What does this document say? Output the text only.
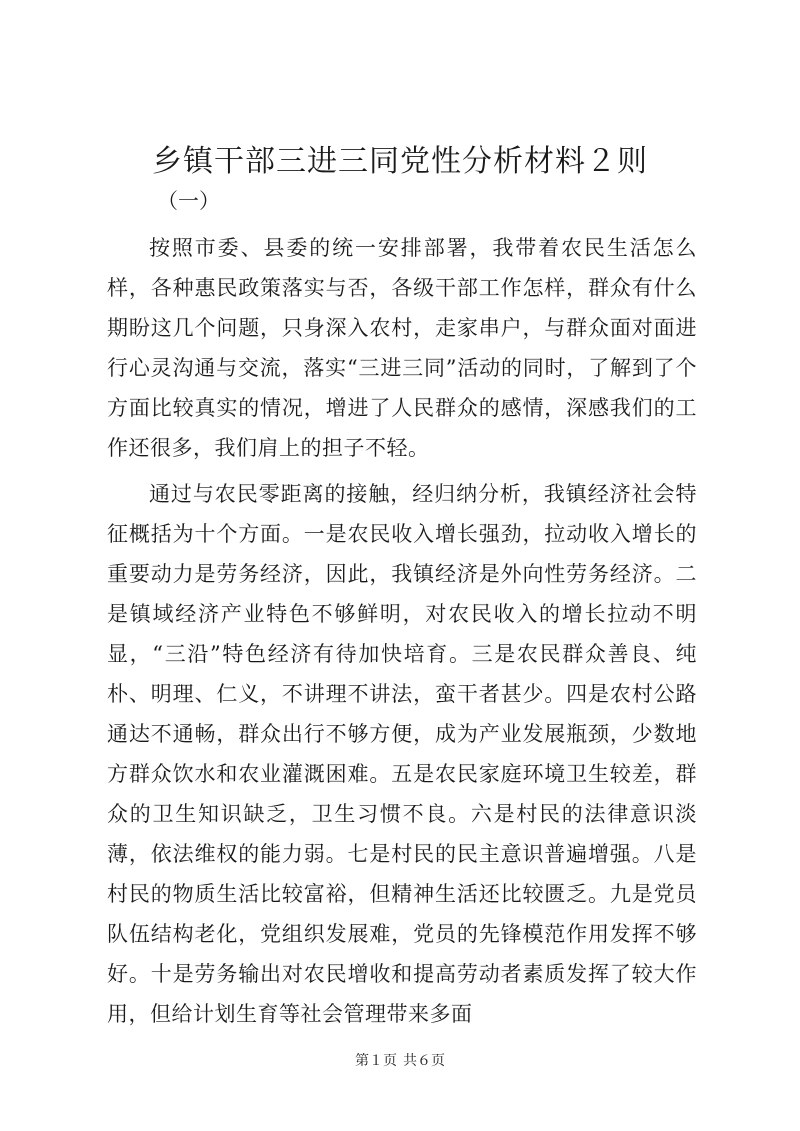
乡镇干部三进三同党性分析材料２则
（一）

按照市委、县委的统一安排部署，我带着农民生活怎么样，各种惠民政策落实与否，各级干部工作怎样，群众有什么期盼这几个问题，只身深入农村，走家串户，与群众面对面进行心灵沟通与交流，落实“三进三同”活动的同时，了解到了个方面比较真实的情况，增进了人民群众的感情，深感我们的工作还很多，我们肩上的担子不轻。

通过与农民零距离的接触，经归纳分析，我镇经济社会特征概括为十个方面。一是农民收入增长强劲，拉动收入增长的重要动力是劳务经济，因此，我镇经济是外向性劳务经济。二是镇域经济产业特色不够鲜明，对农民收入的增长拉动不明显，“三沿”特色经济有待加快培育。三是农民群众善良、纯朴、明理、仁义，不讲理不讲法，蛮干者甚少。四是农村公路通达不通畅，群众出行不够方便，成为产业发展瓶颈，少数地方群众饮水和农业灌溉困难。五是农民家庭环境卫生较差，群众的卫生知识缺乏，卫生习惯不良。六是村民的法律意识淡薄，依法维权的能力弱。七是村民的民主意识普遍增强。八是村民的物质生活比较富裕，但精神生活还比较匮乏。九是党员队伍结构老化，党组织发展难，党员的先锋模范作用发挥不够好。十是劳务输出对农民增收和提高劳动者素质发挥了较大作用，但给计划生育等社会管理带来多面

第１页 共６页
